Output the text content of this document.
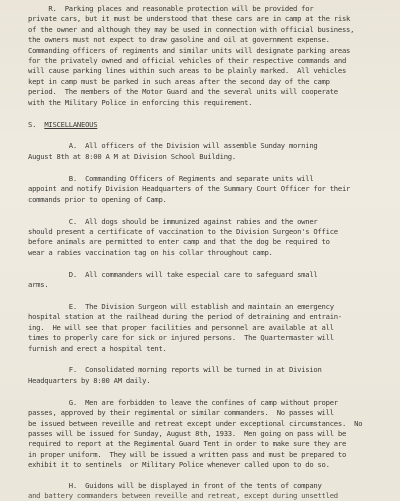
R.  Parking places and reasonable protection will be provided for

private cars, but it must be understood that these cars are in camp at the risk

of the owner and although they may be used in connection with official business,

the owners must not expect to draw gasoline and oil at government expense.

Commanding officers of regiments and similar units will designate parking areas

for the privately owned and official vehicles of their respective commands and

will cause parking lines within such areas to be plainly marked.  All vehicles

kept in camp must be parked in such areas after the second day of the camp

period.  The members of the Motor Guard and the several units will cooperate

with the Military Police in enforcing this requirement.

S. MISCELLANEOUS

A.  All officers of the Division will assemble Sunday morning

August 8th at 8:00 A M at Division School Building.

B.  Commanding Officers of Regiments and separate units will

appoint and notify Division Headquarters of the Summary Court Officer for their

commands prior to opening of Camp.

C.  All dogs should be immunized against rabies and the owner

should present a certificate of vaccination to the Division Surgeon's Office

before animals are permitted to enter camp and that the dog be required to

wear a rabies vaccination tag on his collar throughout camp.

D.  All commanders will take especial care to safeguard small

arms.

E.  The Division Surgeon will establish and maintain an emergency

hospital station at the railhead during the period of detraining and entrain-

ing.  He will see that proper facilities and personnel are available at all

times to properly care for sick or injured persons.  The Quartermaster will

furnish and erect a hospital tent.

F.  Consolidated morning reports will be turned in at Division

Headquarters by 8:00 AM daily.

G.  Men are forbidden to leave the confines of camp without proper

passes, approved by their regimental or similar commanders.  No passes will

be issued between reveille and retreat except under exceptional circumstances.  No

passes will be issued for Sunday, August 8th, 1933.  Men going on pass will be

required to report at the Regimental Guard Tent in order to make sure they are

in proper uniform.  They will be issued a written pass and must be prepared to

exhibit it to sentinels  or Military Police whenever called upon to do so.

H.  Guidons will be displayed in front of the tents of company

and battery commanders between reveille and retreat, except during unsettled
